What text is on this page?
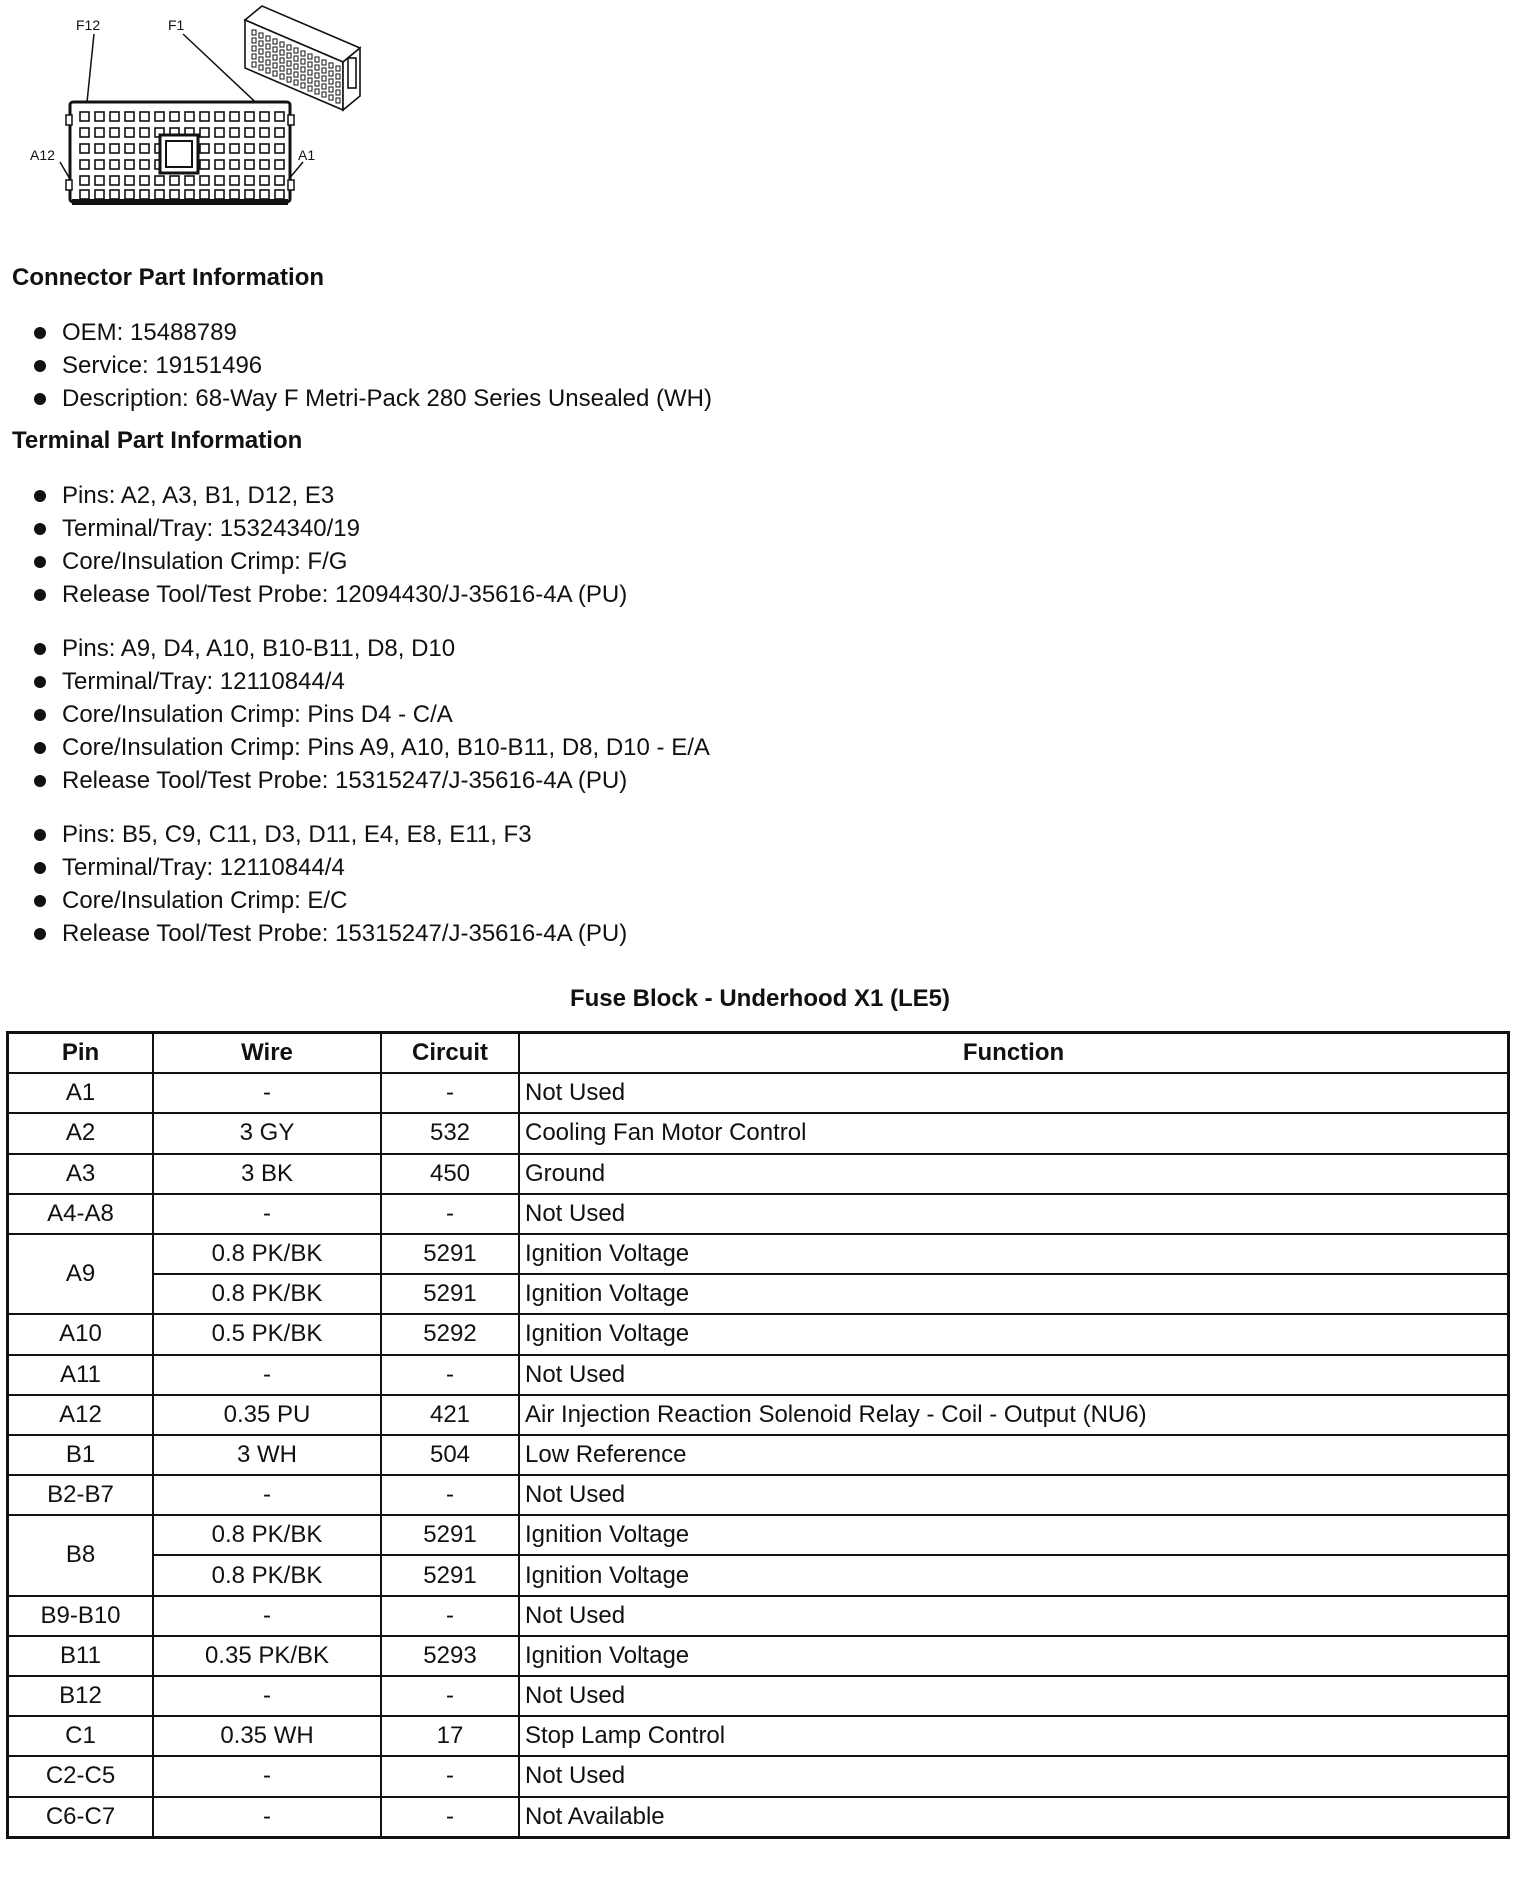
F12	F1
A12	A1
Connector Part Information
OEM: 15488789
Service: 19151496
Description: 68-Way F Metri-Pack 280 Series Unsealed (WH)
Terminal Part Information
Pins: A2, A3, B1, D12, E3
Terminal/Tray: 15324340/19
Core/Insulation Crimp: F/G
Release Tool/Test Probe: 12094430/J-35616-4A (PU)
Pins: A9, D4, A10, B10-B11, D8, D10
Terminal/Tray: 12110844/4
Core/Insulation Crimp: Pins D4 - C/A
Core/Insulation Crimp: Pins A9, A10, B10-B11, D8, D10 - E/A
Release Tool/Test Probe: 15315247/J-35616-4A (PU)
Pins: B5, C9, C11, D3, D11, E4, E8, E11, F3
Terminal/Tray: 12110844/4
Core/Insulation Crimp: E/C
Release Tool/Test Probe: 15315247/J-35616-4A (PU)
Fuse Block - Underhood X1 (LE5)
Pin	Wire	Circuit	Function
A1	-	-	Not Used
A2	3 GY	532	Cooling Fan Motor Control
A3	3 BK	450	Ground
A4-A8	-	-	Not Used
A9	0.8 PK/BK	5291	Ignition Voltage
	0.8 PK/BK	5291	Ignition Voltage
A10	0.5 PK/BK	5292	Ignition Voltage
A11	-	-	Not Used
A12	0.35 PU	421	Air Injection Reaction Solenoid Relay - Coil - Output (NU6)
B1	3 WH	504	Low Reference
B2-B7	-	-	Not Used
B8	0.8 PK/BK	5291	Ignition Voltage
	0.8 PK/BK	5291	Ignition Voltage
B9-B10	-	-	Not Used
B11	0.35 PK/BK	5293	Ignition Voltage
B12	-	-	Not Used
C1	0.35 WH	17	Stop Lamp Control
C2-C5	-	-	Not Used
C6-C7	-	-	Not Available
